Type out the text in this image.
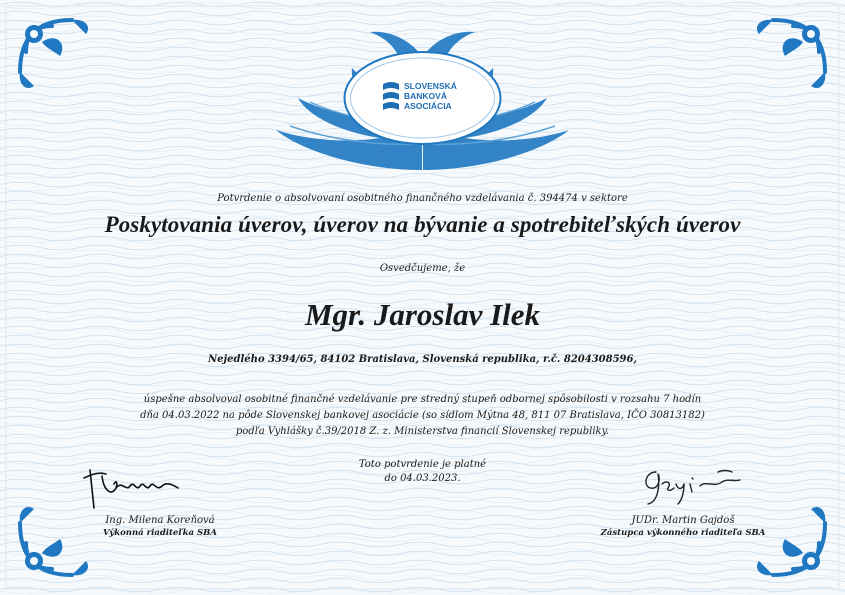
SLOVENSKÁ
BANKOVÁ
ASOCIÁCIA
Potvrdenie o absolvovaní osobitného finančného vzdelávania č. 394474 v sektore
Poskytovania úverov, úverov na bývanie a spotrebiteľských úverov
Osvedčujeme, že
Mgr. Jaroslav Ilek
Nejedlého 3394/65, 84102 Bratislava, Slovenská republika, r.č. 8204308596,
úspešne absolvoval osobitné finančné vzdelávanie pre stredný stupeň odbornej spôsobilosti v rozsahu 7 hodín
dňa 04.03.2022 na pôde Slovenskej bankovej asociácie (so sídlom Mýtna 48, 811 07 Bratislava, IČO 30813182)
podľa Vyhlášky č.39/2018 Z. z. Ministerstva financií Slovenskej republiky.
Toto potvrdenie je platné
do 04.03.2023.
Ing. Milena Koreňová
Výkonná riaditeľka SBA
JUDr. Martin Gajdoš
Zástupca výkonného riaditeľa SBA
